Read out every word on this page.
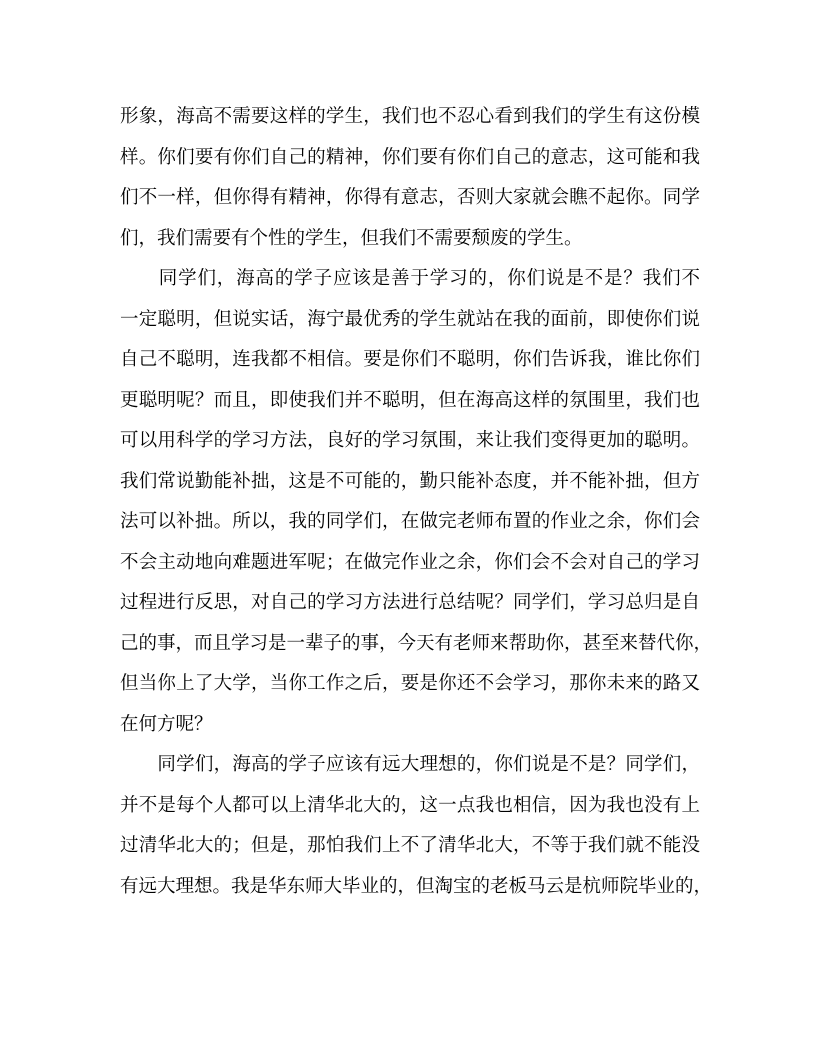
形象，海高不需要这样的学生，我们也不忍心看到我们的学生有这份模
样。你们要有你们自己的精神，你们要有你们自己的意志，这可能和我
们不一样，但你得有精神，你得有意志，否则大家就会瞧不起你。同学
们，我们需要有个性的学生，但我们不需要颓废的学生。
　　同学们，海高的学子应该是善于学习的，你们说是不是？我们不
一定聪明，但说实话，海宁最优秀的学生就站在我的面前，即使你们说
自己不聪明，连我都不相信。要是你们不聪明，你们告诉我，谁比你们
更聪明呢？而且，即使我们并不聪明，但在海高这样的氛围里，我们也
可以用科学的学习方法，良好的学习氛围，来让我们变得更加的聪明。
我们常说勤能补拙，这是不可能的，勤只能补态度，并不能补拙，但方
法可以补拙。所以，我的同学们，在做完老师布置的作业之余，你们会
不会主动地向难题进军呢；在做完作业之余，你们会不会对自己的学习
过程进行反思，对自己的学习方法进行总结呢？同学们，学习总归是自
己的事，而且学习是一辈子的事，今天有老师来帮助你，甚至来替代你，
但当你上了大学，当你工作之后，要是你还不会学习，那你未来的路又
在何方呢？
　　同学们，海高的学子应该有远大理想的，你们说是不是？同学们，
并不是每个人都可以上清华北大的，这一点我也相信，因为我也没有上
过清华北大的；但是，那怕我们上不了清华北大，不等于我们就不能没
有远大理想。我是华东师大毕业的，但淘宝的老板马云是杭师院毕业的，
